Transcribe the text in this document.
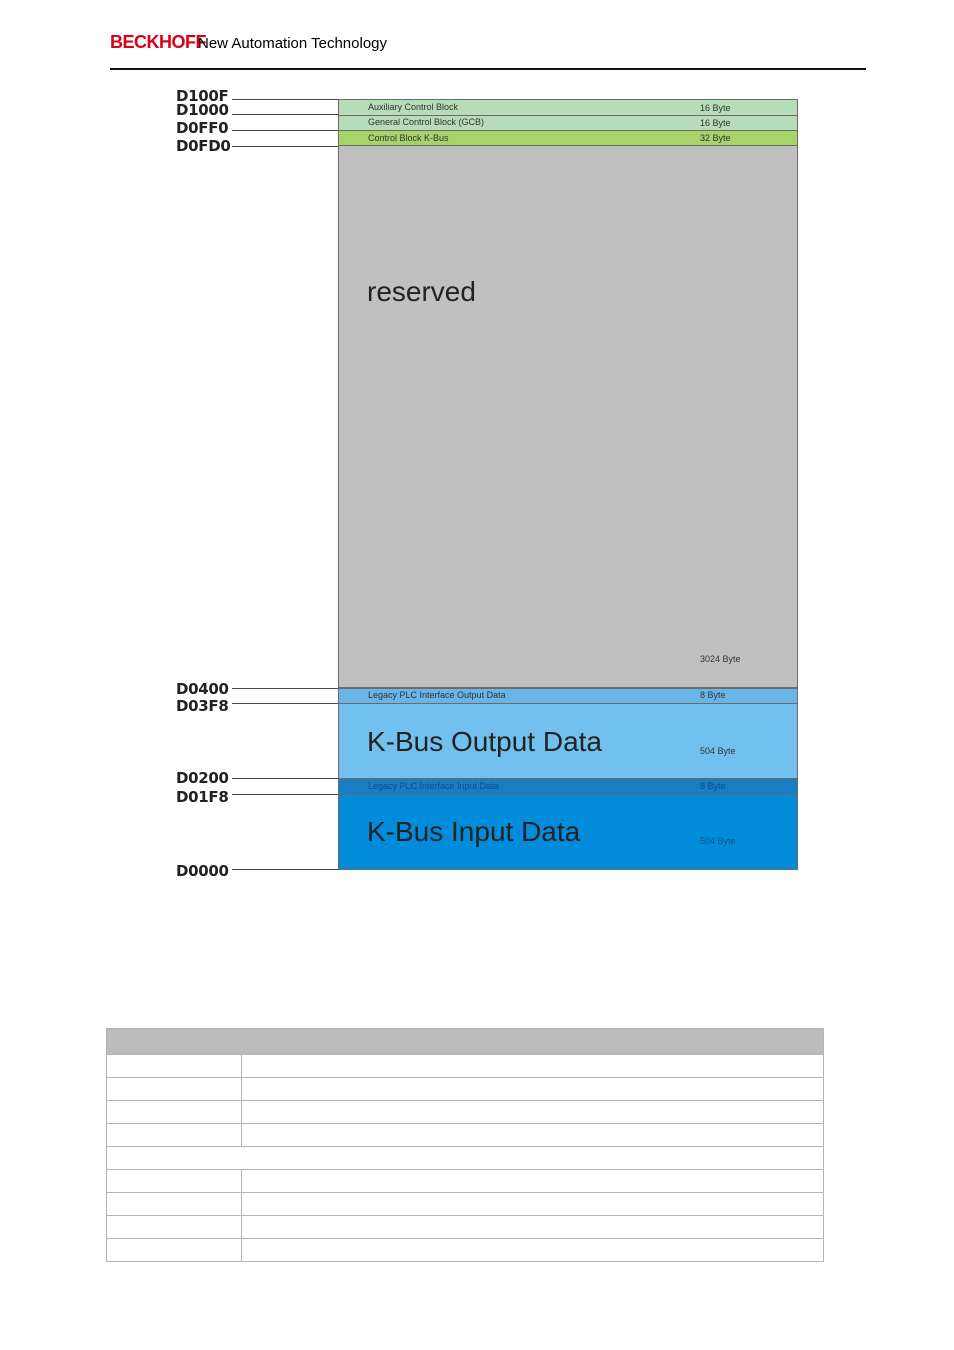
BECKHOFF
New Automation Technology
D100F
D1000
D0FF0
D0FD0
D0400
D03F8
D0200
D01F8
D0000
Auxiliary Control Block	16 Byte
General Control Block (GCB)	16 Byte
Control Block K-Bus	32 Byte
reserved
3024 Byte
Legacy PLC Interface Output Data	8 Byte
K-Bus Output Data	504 Byte
Legacy PLC Interface Input Data	8 Byte
K-Bus Input Data	504 Byte
